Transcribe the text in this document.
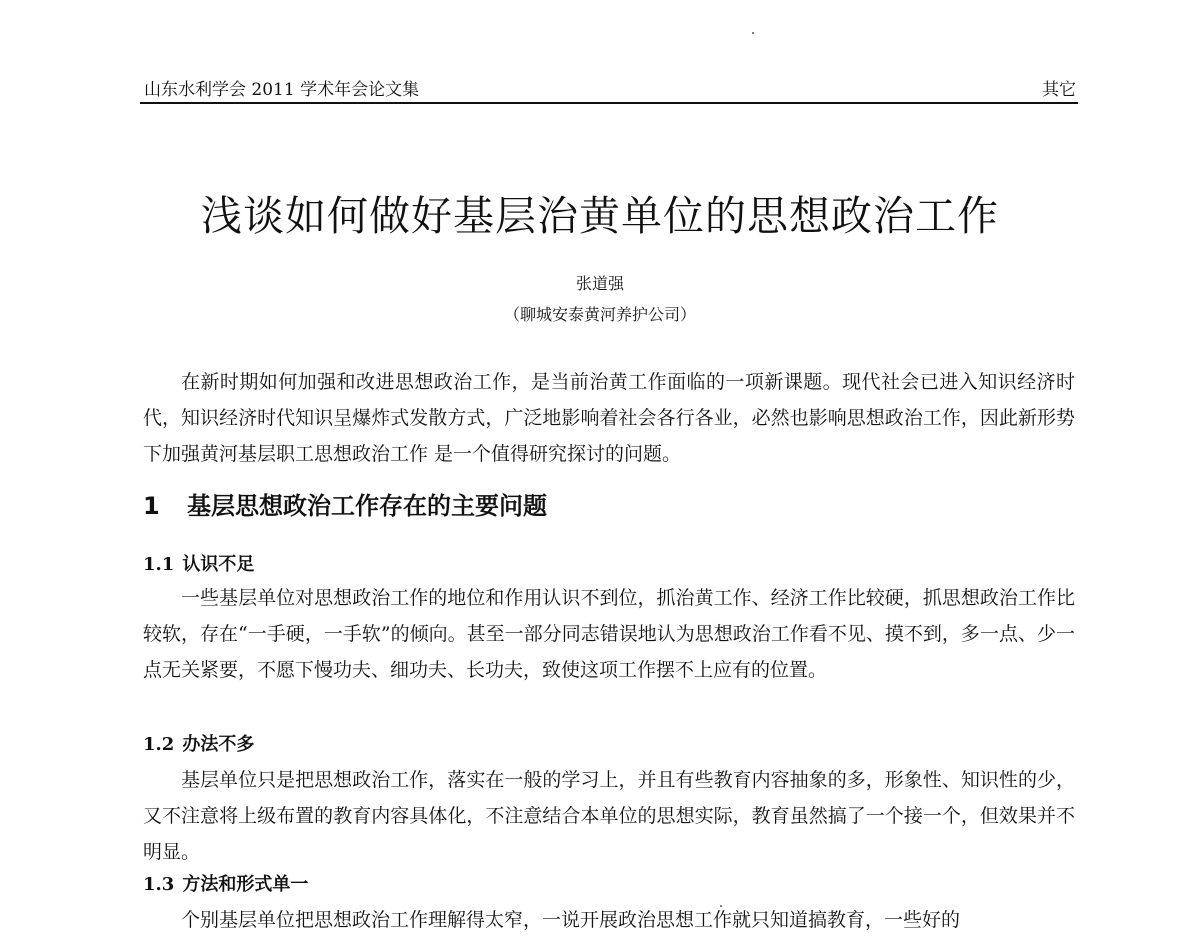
山东水利学会 2011 学术年会论文集	其它
浅谈如何做好基层治黄单位的思想政治工作
张道强
（聊城安泰黄河养护公司）

在新时期如何加强和改进思想政治工作，是当前治黄工作面临的一项新课题。现代社会已进入知识经济时代，知识经济时代知识呈爆炸式发散方式，广泛地影响着社会各行各业，必然也影响思想政治工作，因此新形势下加强黄河基层职工思想政治工作 是一个值得研究探讨的问题。

1 基层思想政治工作存在的主要问题
1.1 认识不足

一些基层单位对思想政治工作的地位和作用认识不到位，抓治黄工作、经济工作比较硬，抓思想政治工作比较软，存在“一手硬，一手软”的倾向。甚至一部分同志错误地认为思想政治工作看不见、摸不到，多一点、少一点无关紧要，不愿下慢功夫、细功夫、长功夫，致使这项工作摆不上应有的位置。

1.2 办法不多

基层单位只是把思想政治工作，落实在一般的学习上，并且有些教育内容抽象的多，形象性、知识性的少，又不注意将上级布置的教育内容具体化，不注意结合本单位的思想实际，教育虽然搞了一个接一个，但效果并不明显。

1.3 方法和形式单一

个别基层单位把思想政治工作理解得太窄，一说开展政治思想工作就只知道搞教育，一些好的
